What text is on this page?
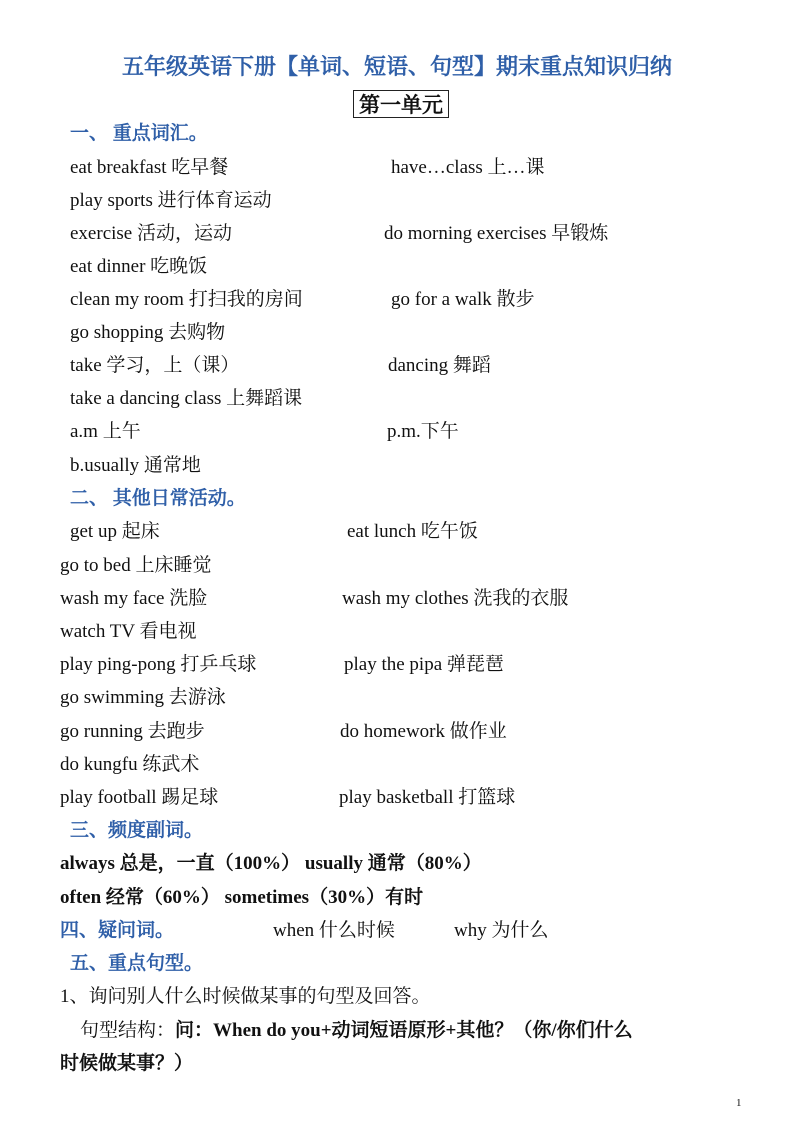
五年级英语下册【单词、短语、句型】期末重点知识归纳
第一单元
一、 重点词汇。
eat breakfast 吃早餐	have…class 上…课
play sports 进行体育运动
exercise 活动，运动	do morning exercises 早锻炼
eat dinner 吃晚饭
clean my room 打扫我的房间	go for a walk 散步
go shopping 去购物
take 学习，上（课）	dancing 舞蹈
take a dancing class 上舞蹈课
a.m 上午	p.m.下午
b.usually 通常地
二、 其他日常活动。
get up 起床	eat lunch 吃午饭
go to bed 上床睡觉
wash my face 洗脸	wash my clothes 洗我的衣服
watch TV 看电视
play ping-pong 打乒乓球	play the pipa 弹琵琶
go swimming 去游泳
go running 去跑步	do homework 做作业
do kungfu 练武术
play football 踢足球	play basketball 打篮球
三、频度副词。
always 总是，一直（100%） usually 通常（80%）
often 经常（60%） sometimes（30%）有时
四、疑问词。	when 什么时候	why 为什么
五、重点句型。
1、询问别人什么时候做某事的句型及回答。
句型结构：问：When do you+动词短语原形+其他？（你/你们什么
时候做某事？）
1
